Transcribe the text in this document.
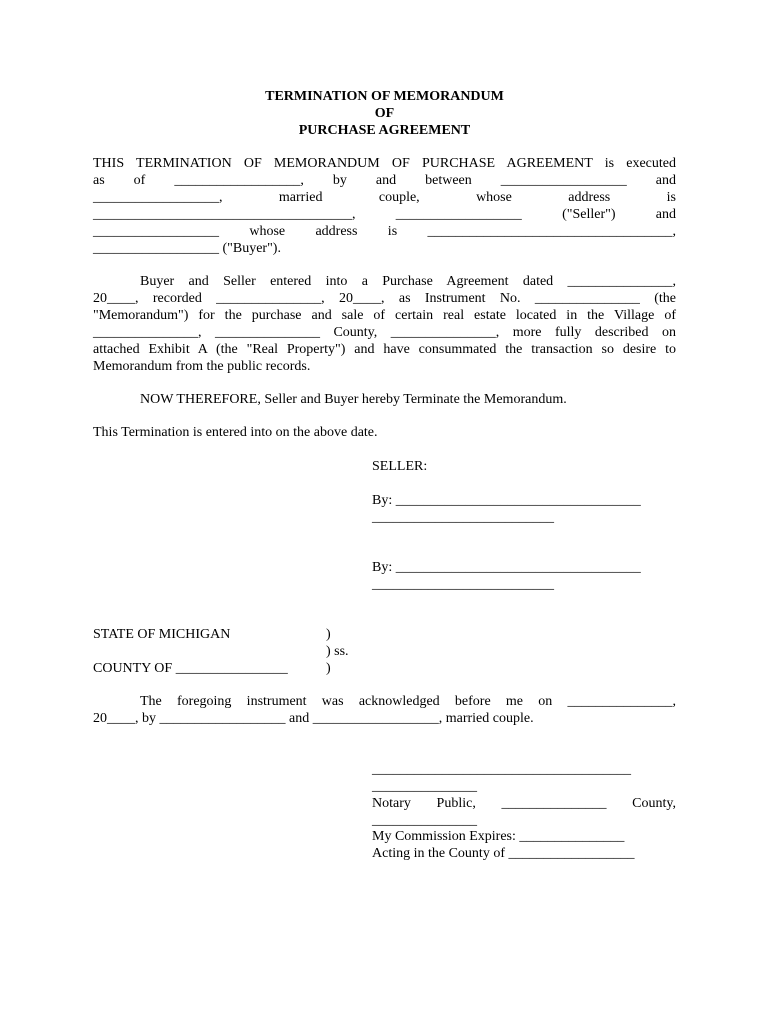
TERMINATION OF MEMORANDUM
OF
PURCHASE AGREEMENT
THIS TERMINATION OF MEMORANDUM OF PURCHASE AGREEMENT is executed
as of __________________, by and between __________________ and
__________________, married couple, whose address is
_____________________________________, __________________ ("Seller") and
__________________ whose address is ___________________________________,
__________________ ("Buyer").
Buyer and Seller entered into a Purchase Agreement dated _______________,
20____, recorded _______________, 20____, as Instrument No. _______________ (the
"Memorandum") for the purchase and sale of certain real estate located in the Village of
_______________, _______________ County, _______________, more fully described on
attached Exhibit A (the "Real Property") and have consummated the transaction so desire to
Memorandum from the public records.
NOW THEREFORE, Seller and Buyer hereby Terminate the Memorandum.
This Termination is entered into on the above date.
SELLER:
By: ___________________________________
__________________________
By: ___________________________________
__________________________
STATE OF MICHIGAN
COUNTY OF ________________
)
) ss.
)
The foregoing instrument was acknowledged before me on _______________,
20____, by __________________ and __________________, married couple.
_____________________________________
_______________
Notary Public, _______________ County,
_______________
My Commission Expires: _______________
Acting in the County of __________________
